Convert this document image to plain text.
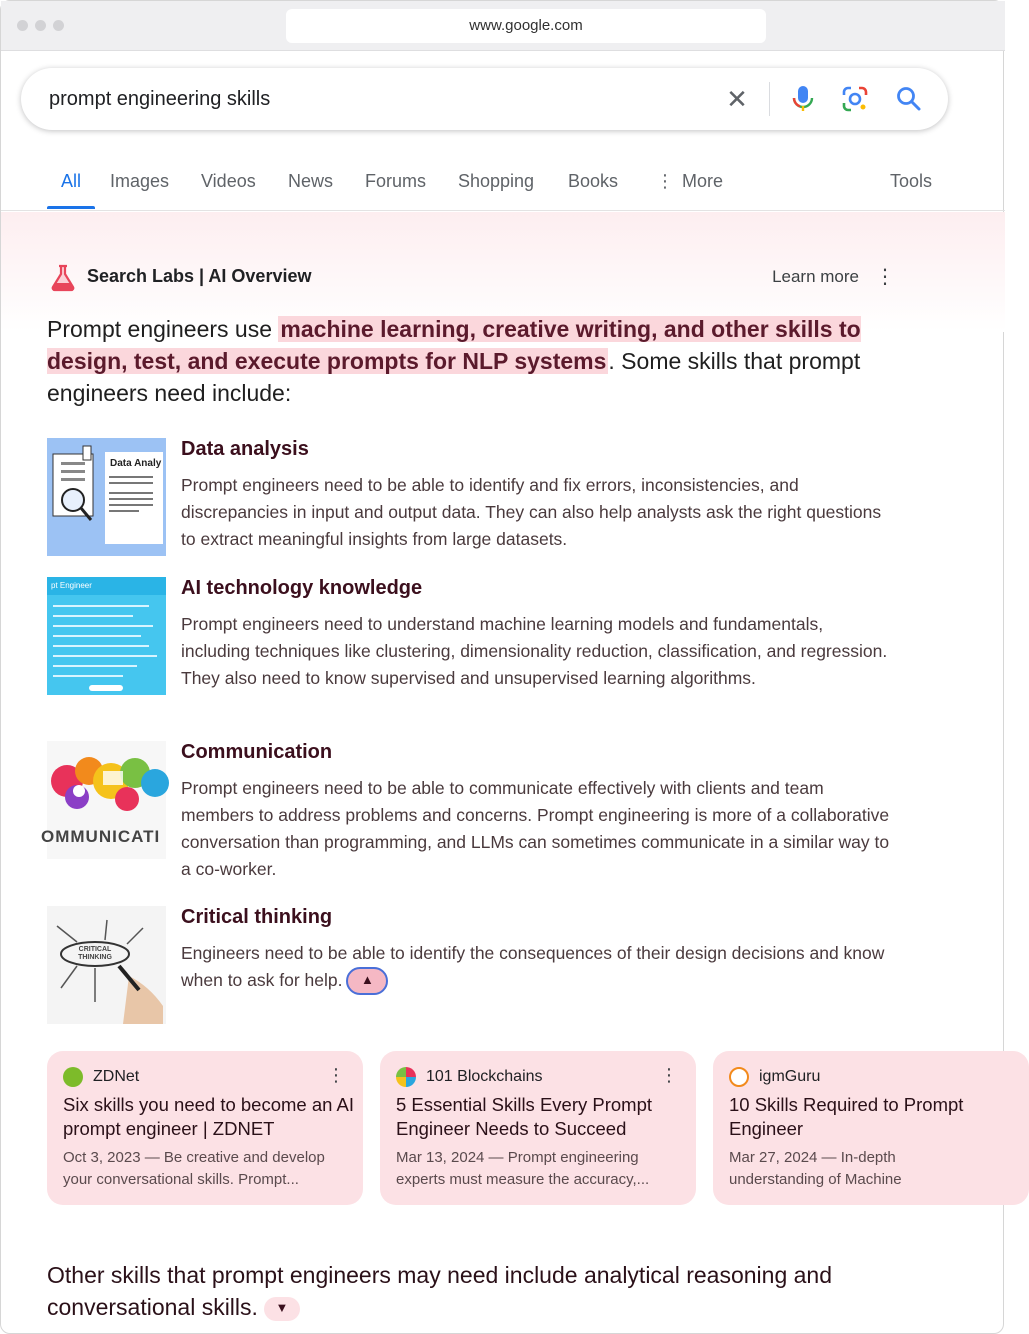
www.google.com
prompt engineering skills	✕
All Images Videos News Forums Shopping Books ⋮ More	Tools
Search Labs | AI Overview	Learn more ⋮
Prompt engineers use machine learning, creative writing, and other skills to design, test, and execute prompts for NLP systems. Some skills that prompt engineers need include:
Data Analy
Data analysis
Prompt engineers need to be able to identify and fix errors, inconsistencies, and discrepancies in input and output data. They can also help analysts ask the right questions to extract meaningful insights from large datasets.
pt Engineer	AI technology knowledge
Prompt engineers need to understand machine learning models and fundamentals, including techniques like clustering, dimensionality reduction, classification, and regression. They also need to know supervised and unsupervised learning algorithms.
OMMUNICATI
Communication
Prompt engineers need to be able to communicate effectively with clients and team members to address problems and concerns. Prompt engineering is more of a collaborative conversation than programming, and LLMs can sometimes communicate in a similar way to a co-worker.
CRITICAL THINKING
Critical thinking
Engineers need to be able to identify the consequences of their design decisions and know when to ask for help. ▲
ZDNet	⋮
Six skills you need to become an AI prompt engineer | ZDNET
Oct 3, 2023 — Be creative and develop
your conversational skills. Prompt...
101 Blockchains	⋮
5 Essential Skills Every Prompt Engineer Needs to Succeed
Mar 13, 2024 — Prompt engineering
experts must measure the accuracy,...
igmGuru
10 Skills Required to Prompt Engineer
Mar 27, 2024 — In-depth
understanding of Machine
Other skills that prompt engineers may need include analytical reasoning and conversational skills. ▼
